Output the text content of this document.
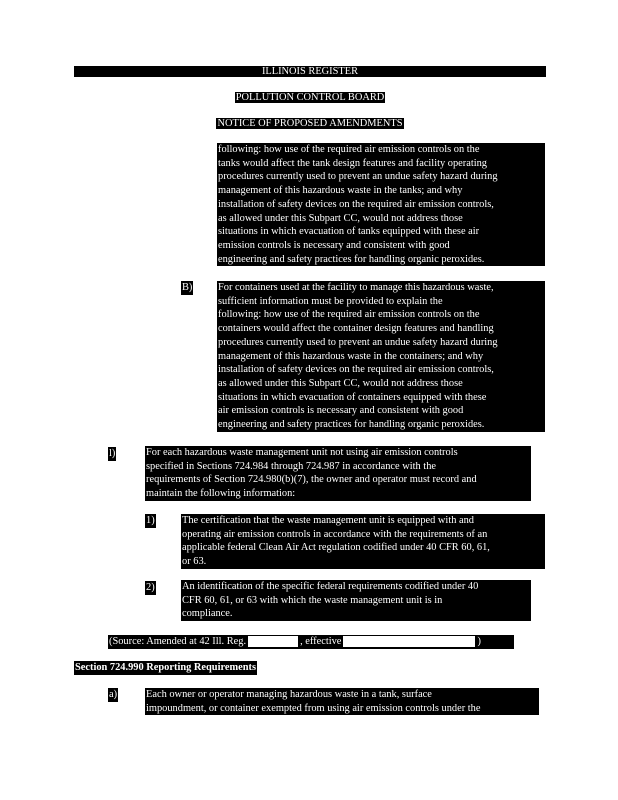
ILLINOIS REGISTER
POLLUTION CONTROL BOARD
NOTICE OF PROPOSED AMENDMENTS
following: how use of the required air emission controls on the
tanks would affect the tank design features and facility operating
procedures currently used to prevent an undue safety hazard during
management of this hazardous waste in the tanks; and why
installation of safety devices on the required air emission controls,
as allowed under this Subpart CC, would not address those
situations in which evacuation of tanks equipped with these air
emission controls is necessary and consistent with good
engineering and safety practices for handling organic peroxides.
B) For containers used at the facility to manage this hazardous waste,
sufficient information must be provided to explain the
following: how use of the required air emission controls on the
containers would affect the container design features and handling
procedures currently used to prevent an undue safety hazard during
management of this hazardous waste in the containers; and why
installation of safety devices on the required air emission controls,
as allowed under this Subpart CC, would not address those
situations in which evacuation of containers equipped with these
air emission controls is necessary and consistent with good
engineering and safety practices for handling organic peroxides.
l)	For each hazardous waste management unit not using air emission controls
specified in Sections 724.984 through 724.987 in accordance with the
requirements of Section 724.980(b)(7), the owner and operator must record and
maintain the following information:
1)	The certification that the waste management unit is equipped with and
operating air emission controls in accordance with the requirements of an
applicable federal Clean Air Act regulation codified under 40 CFR 60, 61,
or 63.
2)	An identification of the specific federal requirements codified under 40
CFR 60, 61, or 63 with which the waste management unit is in
compliance.
(Source: Amended at 42 Ill. Reg.	, effective	)
Section 724.990 Reporting Requirements
a)	Each owner or operator managing hazardous waste in a tank, surface
impoundment, or container exempted from using air emission controls under the
